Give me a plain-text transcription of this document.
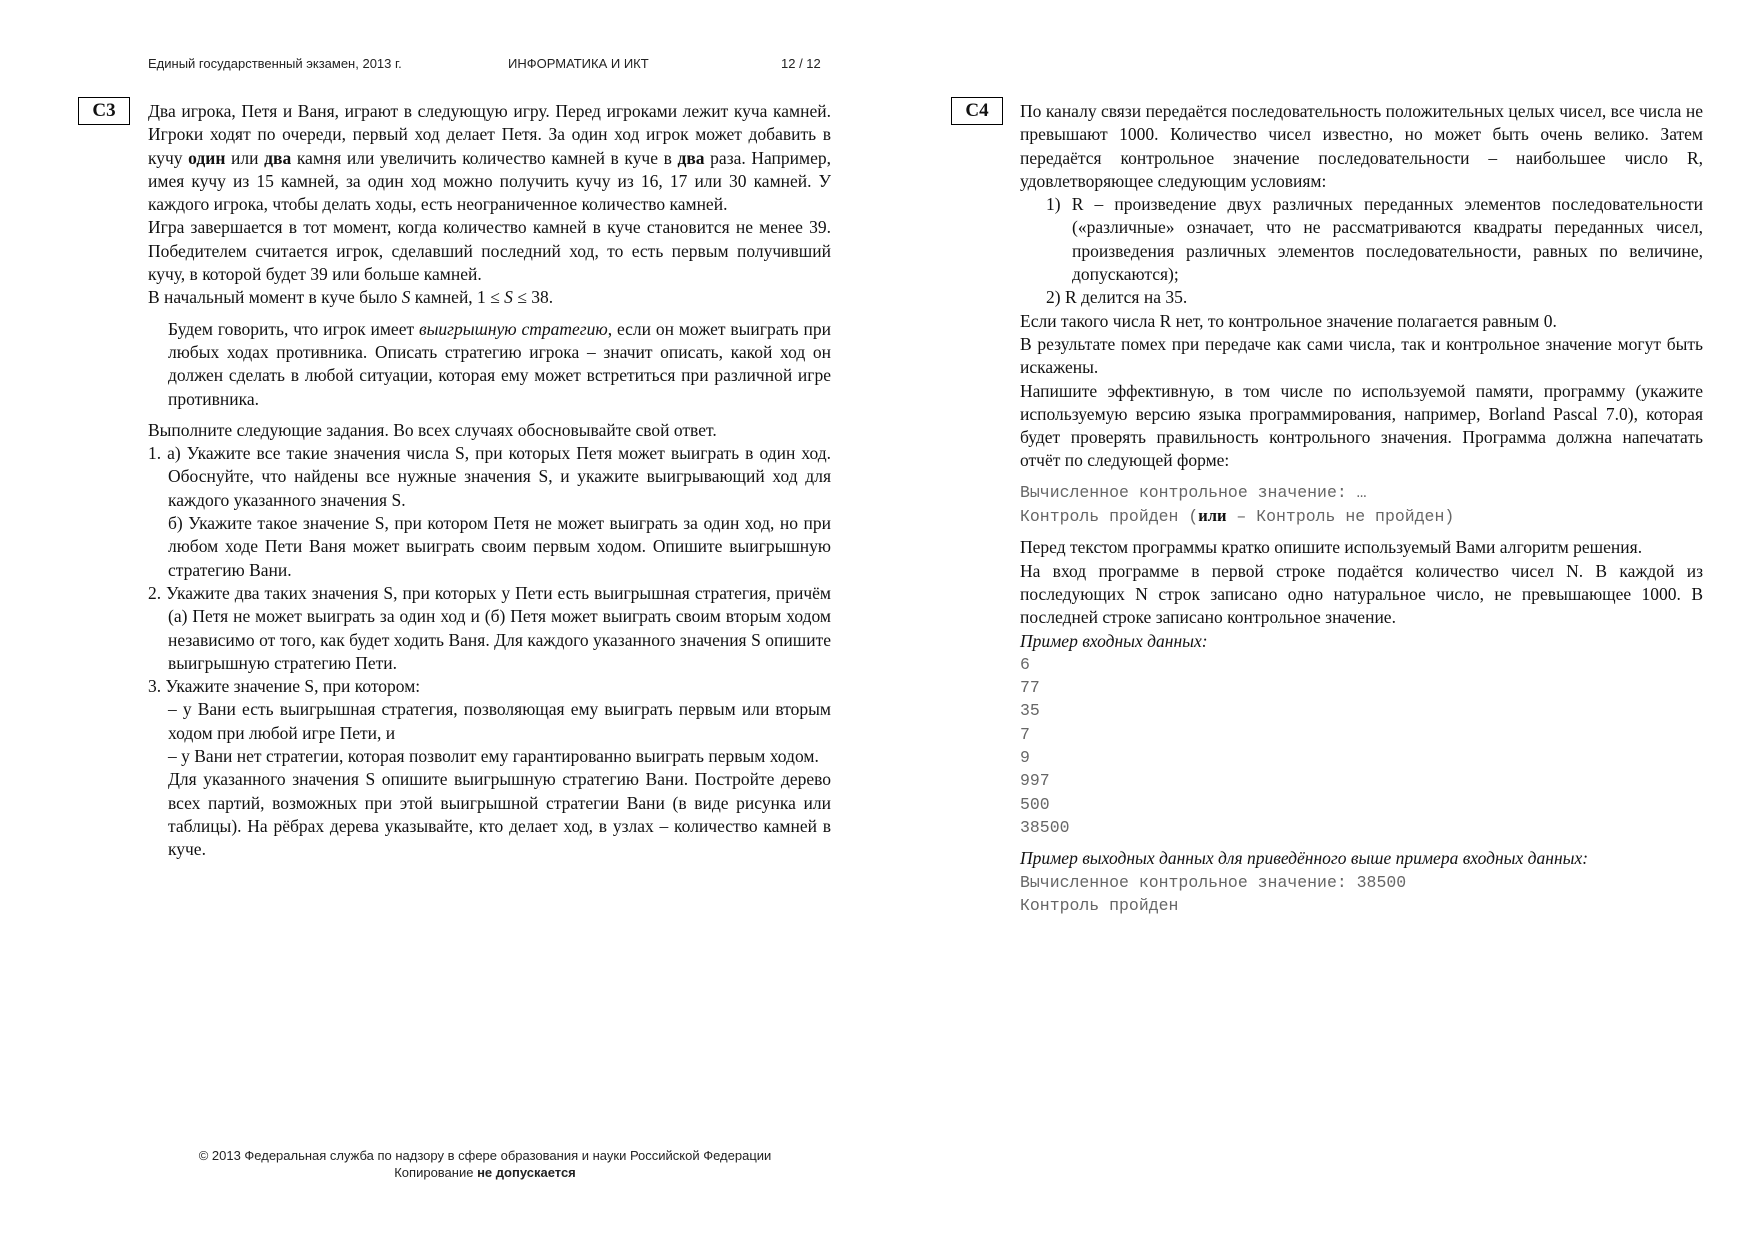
Единый государственный экзамен, 2013 г.	ИНФОРМАТИКА И ИКТ	12 / 12
С3	Два игрока, Петя и Ваня, играют в следующую игру. Перед игроками лежит куча камней. Игроки ходят по очереди, первый ход делает Петя. За один ход игрок может добавить в кучу один или два камня или увеличить количество камней в куче в два раза. Например, имея кучу из 15 камней, за один ход можно получить кучу из 16, 17 или 30 камней. У каждого игрока, чтобы делать ходы, есть неограниченное количество камней.

Игра завершается в тот момент, когда количество камней в куче становится не менее 39. Победителем считается игрок, сделавший последний ход, то есть первым получивший кучу, в которой будет 39 или больше камней.

В начальный момент в куче было S камней, 1 ≤ S ≤ 38.

Будем говорить, что игрок имеет выигрышную стратегию, если он может выиграть при любых ходах противника. Описать стратегию игрока – значит описать, какой ход он должен сделать в любой ситуации, которая ему может встретиться при различной игре противника.

Выполните следующие задания. Во всех случаях обосновывайте свой ответ.

1. а) Укажите все такие значения числа S, при которых Петя может выиграть в один ход. Обоснуйте, что найдены все нужные значения S, и укажите выигрывающий ход для каждого указанного значения S.

б) Укажите такое значение S, при котором Петя не может выиграть за один ход, но при любом ходе Пети Ваня может выиграть своим первым ходом. Опишите выигрышную стратегию Вани.

2. Укажите два таких значения S, при которых у Пети есть выигрышная стратегия, причём (а) Петя не может выиграть за один ход и (б) Петя может выиграть своим вторым ходом независимо от того, как будет ходить Ваня. Для каждого указанного значения S опишите выигрышную стратегию Пети.

3. Укажите значение S, при котором:

– у Вани есть выигрышная стратегия, позволяющая ему выиграть первым или вторым ходом при любой игре Пети, и

– у Вани нет стратегии, которая позволит ему гарантированно выиграть первым ходом.

Для указанного значения S опишите выигрышную стратегию Вани. Постройте дерево всех партий, возможных при этой выигрышной стратегии Вани (в виде рисунка или таблицы). На рёбрах дерева указывайте, кто делает ход, в узлах – количество камней в куче.

С4	По каналу связи передаётся последовательность положительных целых чисел, все числа не превышают 1000. Количество чисел известно, но может быть очень велико. Затем передаётся контрольное значение последовательности – наибольшее число R, удовлетворяющее следующим условиям:

1) R – произведение двух различных переданных элементов последовательности («различные» означает, что не рассматриваются квадраты переданных чисел, произведения различных элементов последовательности, равных по величине, допускаются);

2) R делится на 35.

Если такого числа R нет, то контрольное значение полагается равным 0.

В результате помех при передаче как сами числа, так и контрольное значение могут быть искажены.

Напишите эффективную, в том числе по используемой памяти, программу (укажите используемую версию языка программирования, например, Borland Pascal 7.0), которая будет проверять правильность контрольного значения. Программа должна напечатать отчёт по следующей форме:

Вычисленное контрольное значение: …
Контроль пройден (или – Контроль не пройден)

Перед текстом программы кратко опишите используемый Вами алгоритм решения.

На вход программе в первой строке подаётся количество чисел N. В каждой из последующих N строк записано одно натуральное число, не превышающее 1000. В последней строке записано контрольное значение.

Пример входных данных:

6
77
35
7
9
997
500
38500

Пример выходных данных для приведённого выше примера входных данных:

Вычисленное контрольное значение: 38500
Контроль пройден
© 2013 Федеральная служба по надзору в сфере образования и науки Российской Федерации
Копирование не допускается
